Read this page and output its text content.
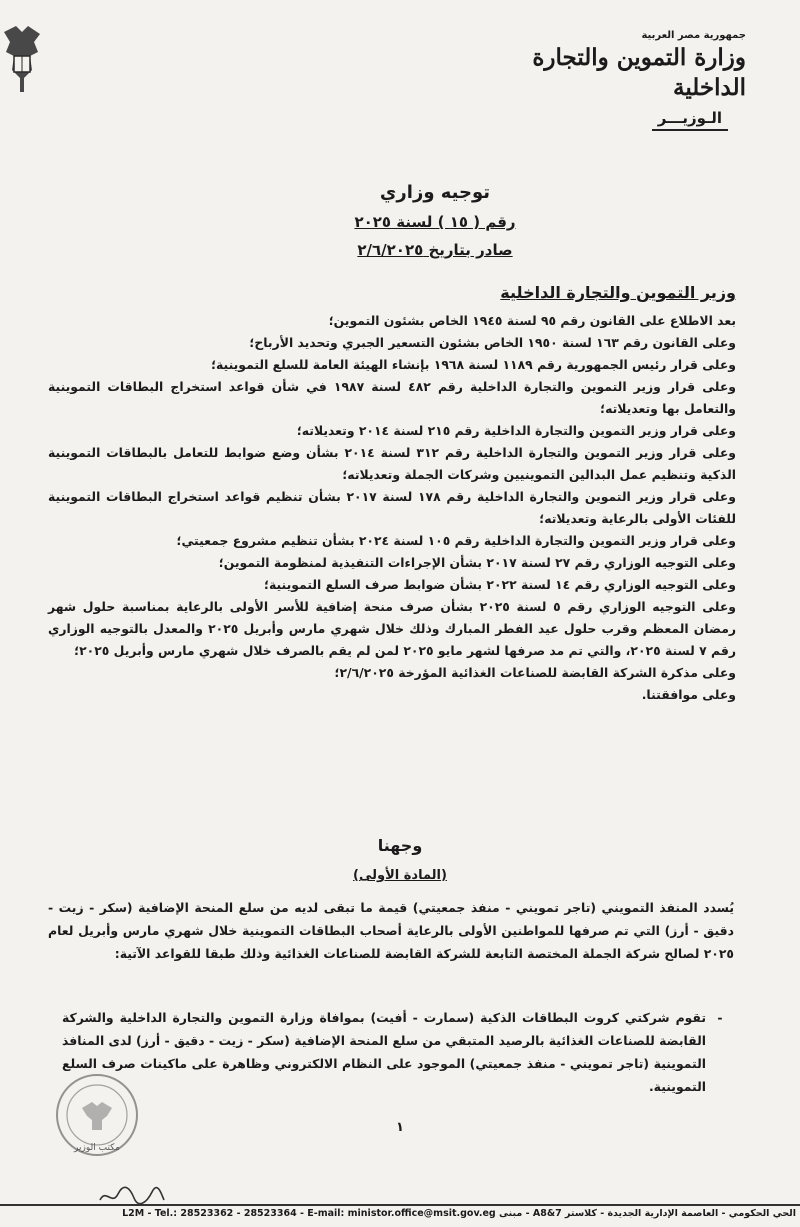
جمهورية مصر العربية
وزارة التموين والتجارة الداخلية
الـوزيـــر
توجيه وزاري
رقم ( ١٥ ) لسنة ٢٠٢٥
صادر بتاريخ ٢/٦/٢٠٢٥
وزير التموين والتجارة الداخلية

بعد الاطلاع على القانون رقم ٩٥ لسنة ١٩٤٥ الخاص بشئون التموين؛

وعلى القانون رقم ١٦٣ لسنة ١٩٥٠ الخاص بشئون التسعير الجبري وتحديد الأرباح؛

وعلى قرار رئيس الجمهورية رقم ١١٨٩ لسنة ١٩٦٨ بإنشاء الهيئة العامة للسلع التموينية؛

وعلى قرار وزير التموين والتجارة الداخلية رقم ٤٨٢ لسنة ١٩٨٧ في شأن قواعد استخراج البطاقات التموينية والتعامل بها وتعديلاته؛

وعلى قرار وزير التموين والتجارة الداخلية رقم ٢١٥ لسنة ٢٠١٤ وتعديلاته؛

وعلى قرار وزير التموين والتجارة الداخلية رقم ٣١٢ لسنة ٢٠١٤ بشأن وضع ضوابط للتعامل بالبطاقات التموينية الذكية وتنظيم عمل البدالين التموينيين وشركات الجملة وتعديلاته؛

وعلى قرار وزير التموين والتجارة الداخلية رقم ١٧٨ لسنة ٢٠١٧ بشأن تنظيم قواعد استخراج البطاقات التموينية للفئات الأولى بالرعاية وتعديلاته؛

وعلى قرار وزير التموين والتجارة الداخلية رقم ١٠٥ لسنة ٢٠٢٤ بشأن تنظيم مشروع جمعيتي؛

وعلى التوجيه الوزاري رقم ٢٧ لسنة ٢٠١٧ بشأن الإجراءات التنفيذية لمنظومة التموين؛

وعلى التوجيه الوزاري رقم ١٤ لسنة ٢٠٢٢ بشأن ضوابط صرف السلع التموينية؛

وعلى التوجيه الوزاري رقم ٥ لسنة ٢٠٢٥ بشأن صرف منحة إضافية للأسر الأولى بالرعاية بمناسبة حلول شهر رمضان المعظم وقرب حلول عيد الفطر المبارك وذلك خلال شهري مارس وأبريل ٢٠٢٥ والمعدل بالتوجيه الوزاري رقم ٧ لسنة ٢٠٢٥، والتي تم مد صرفها لشهر مايو ٢٠٢٥ لمن لم يقم بالصرف خلال شهري مارس وأبريل ٢٠٢٥؛

وعلى مذكرة الشركة القابضة للصناعات الغذائية المؤرخة ٢/٦/٢٠٢٥؛

وعلى موافقتنا.

وجهنا
(المادة الأولى)

يُسدد المنفذ التمويني (تاجر تمويني - منفذ جمعيتي) قيمة ما تبقى لديه من سلع المنحة الإضافية (سكر - زيت - دقيق - أرز) التي تم صرفها للمواطنين الأولى بالرعاية أصحاب البطاقات التموينية خلال شهري مارس وأبريل لعام ٢٠٢٥ لصالح شركة الجملة المختصة التابعة للشركة القابضة للصناعات الغذائية وذلك طبقا للقواعد الآتية:

-
تقوم شركتي كروت البطاقات الذكية (سمارت - أفيت) بموافاة وزارة التموين والتجارة الداخلية والشركة القابضة للصناعات الغذائية بالرصيد المتبقي من سلع المنحة الإضافية (سكر - زيت - دقيق - أرز) لدى المنافذ التموينية (تاجر تمويني - منفذ جمعيتي) الموجود على النظام الالكتروني وظاهرة على ماكينات صرف السلع التموينية.
١
مكتب الوزير
الحي الحكومي - العاصمة الإدارية الجديدة - كلاستر A8&7 - مبنى L2M - Tel.: 28523362 - 28523364 - E-mail: ministor.office@msit.gov.eg
